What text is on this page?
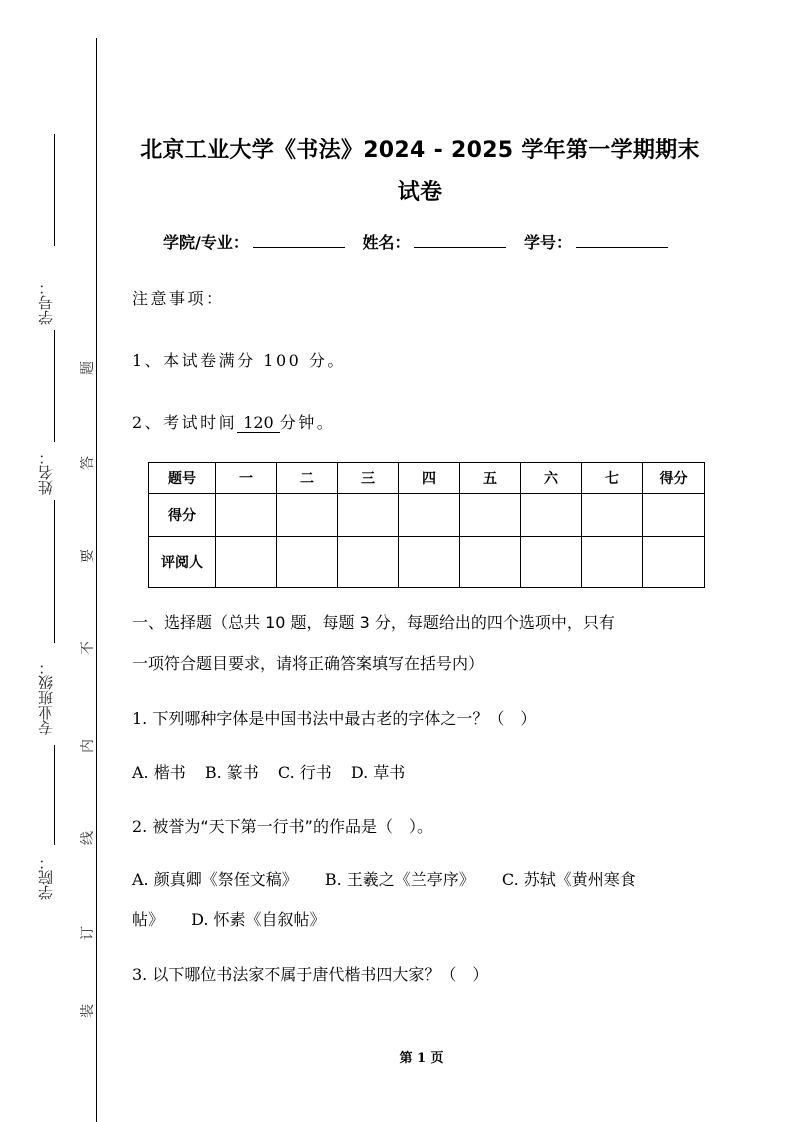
学号：
姓名：
专业班级：
学院：
题
答
要
不
内
线
订
装
北京工业大学《书法》2024 - 2025 学年第一学期期末
试卷
学院/专业：	姓名：	学号：
注意事项：
1、本试卷满分 100 分。
2、考试时间 120 分钟。
题号	一	二	三	四	五	六	七	得分
得分								
评阅人								
一、选择题（总共 10 题，每题 3 分，每题给出的四个选项中，只有
一项符合题目要求，请将正确答案填写在括号内）
1. 下列哪种字体是中国书法中最古老的字体之一？（　）
A. 楷书 B. 篆书 C. 行书 D. 草书
2. 被誉为“天下第一行书”的作品是（　）。
A. 颜真卿《祭侄文稿》 B. 王羲之《兰亭序》 C. 苏轼《黄州寒食
帖》 D. 怀素《自叙帖》
3. 以下哪位书法家不属于唐代楷书四大家？（　）
第 1 页
